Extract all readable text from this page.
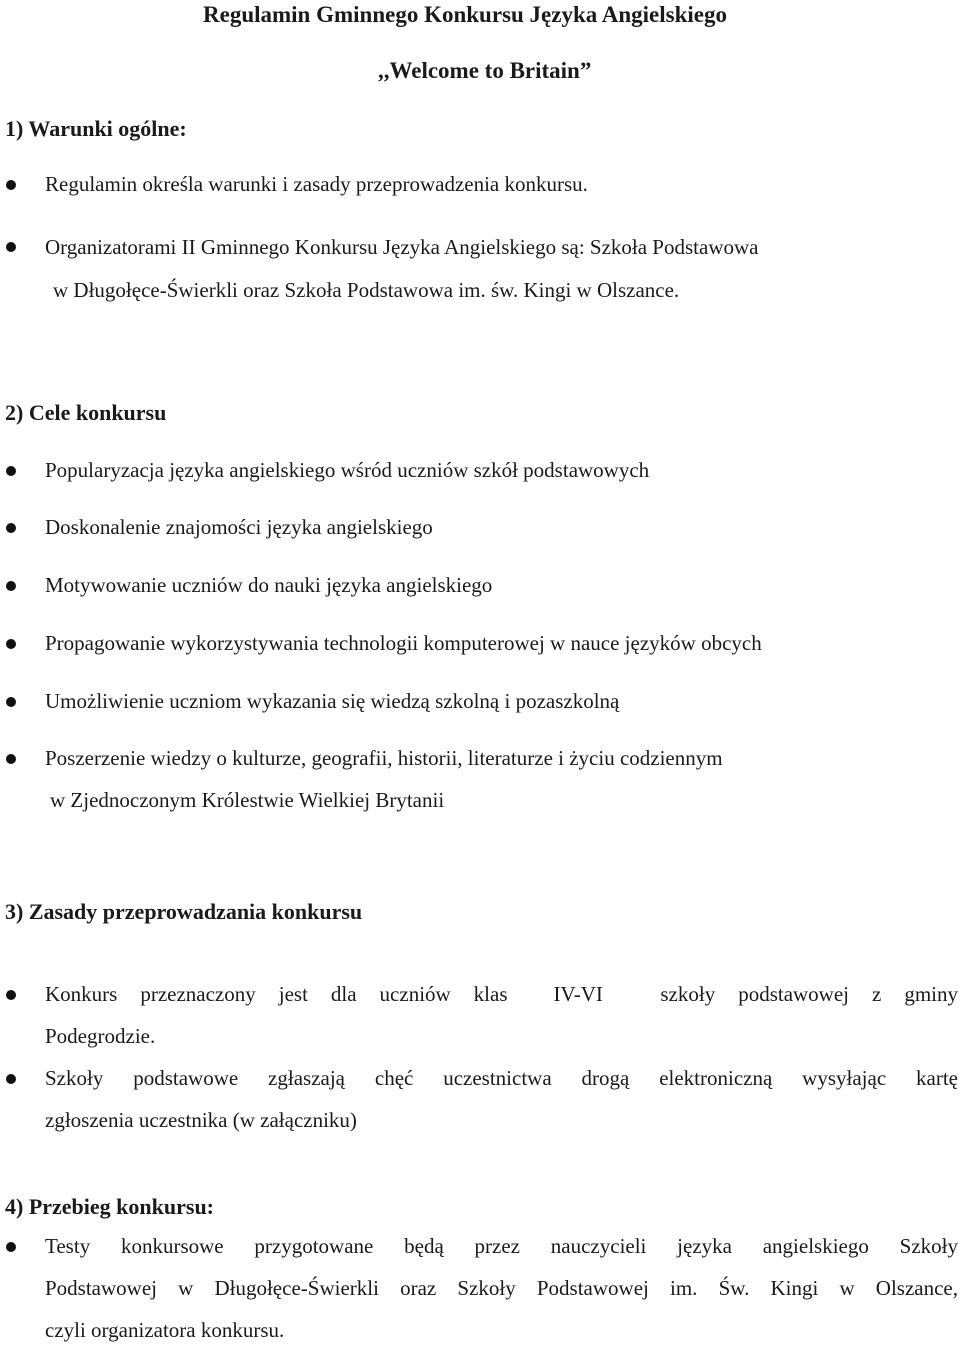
Regulamin Gminnego Konkursu Języka Angielskiego
,,Welcome to Britain”
1) Warunki ogólne:
Regulamin określa warunki i zasady przeprowadzenia konkursu.
Organizatorami II Gminnego Konkursu Języka Angielskiego są: Szkoła Podstawowa
w Długołęce-Świerkli oraz Szkoła Podstawowa im. św. Kingi w Olszance.
2) Cele konkursu
Popularyzacja języka angielskiego wśród uczniów szkół podstawowych
Doskonalenie znajomości języka angielskiego
Motywowanie uczniów do nauki języka angielskiego
Propagowanie wykorzystywania technologii komputerowej w nauce języków obcych
Umożliwienie uczniom wykazania się wiedzą szkolną i pozaszkolną
Poszerzenie wiedzy o kulturze, geografii, historii, literaturze i życiu codziennym
w Zjednoczonym Królestwie Wielkiej Brytanii
3) Zasady przeprowadzania konkursu
Konkurs  przeznaczony  jest  dla  uczniów  klas    IV-VI     szkoły  podstawowej  z  gminy
Podegrodzie.
Szkoły  podstawowe  zgłaszają  chęć  uczestnictwa  drogą  elektroniczną  wysyłając  kartę
zgłoszenia uczestnika (w załączniku)
4) Przebieg konkursu:
Testy  konkursowe  przygotowane  będą  przez  nauczycieli  języka  angielskiego  Szkoły
Podstawowej  w  Długołęce-Świerkli  oraz  Szkoły  Podstawowej  im.  Św.  Kingi  w  Olszance,
czyli organizatora konkursu.
